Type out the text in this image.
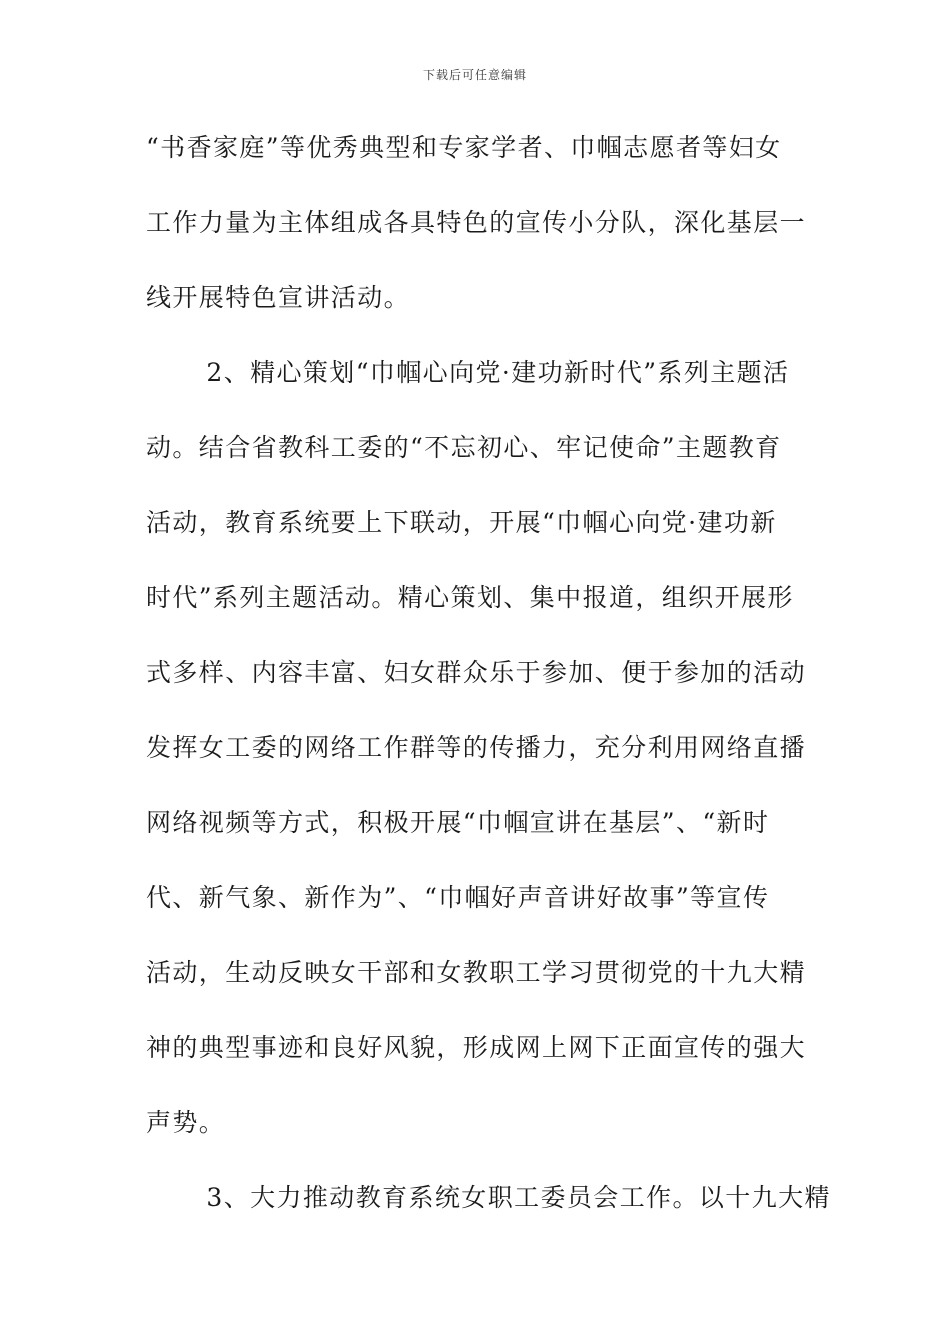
下载后可任意编辑
“书香家庭”等优秀典型和专家学者、巾帼志愿者等妇女
工作力量为主体组成各具特色的宣传小分队，深化基层一
线开展特色宣讲活动。
　2、精心策划“巾帼心向党·建功新时代”系列主题活
动。结合省教科工委的“不忘初心、牢记使命”主题教育
活动，教育系统要上下联动，开展“巾帼心向党·建功新
时代”系列主题活动。精心策划、集中报道，组织开展形
式多样、内容丰富、妇女群众乐于参加、便于参加的活动
发挥女工委的网络工作群等的传播力，充分利用网络直播
网络视频等方式，积极开展“巾帼宣讲在基层”、“新时
代、新气象、新作为”、“巾帼好声音讲好故事”等宣传
活动，生动反映女干部和女教职工学习贯彻党的十九大精
神的典型事迹和良好风貌，形成网上网下正面宣传的强大
声势。
　3、大力推动教育系统女职工委员会工作。以十九大精
